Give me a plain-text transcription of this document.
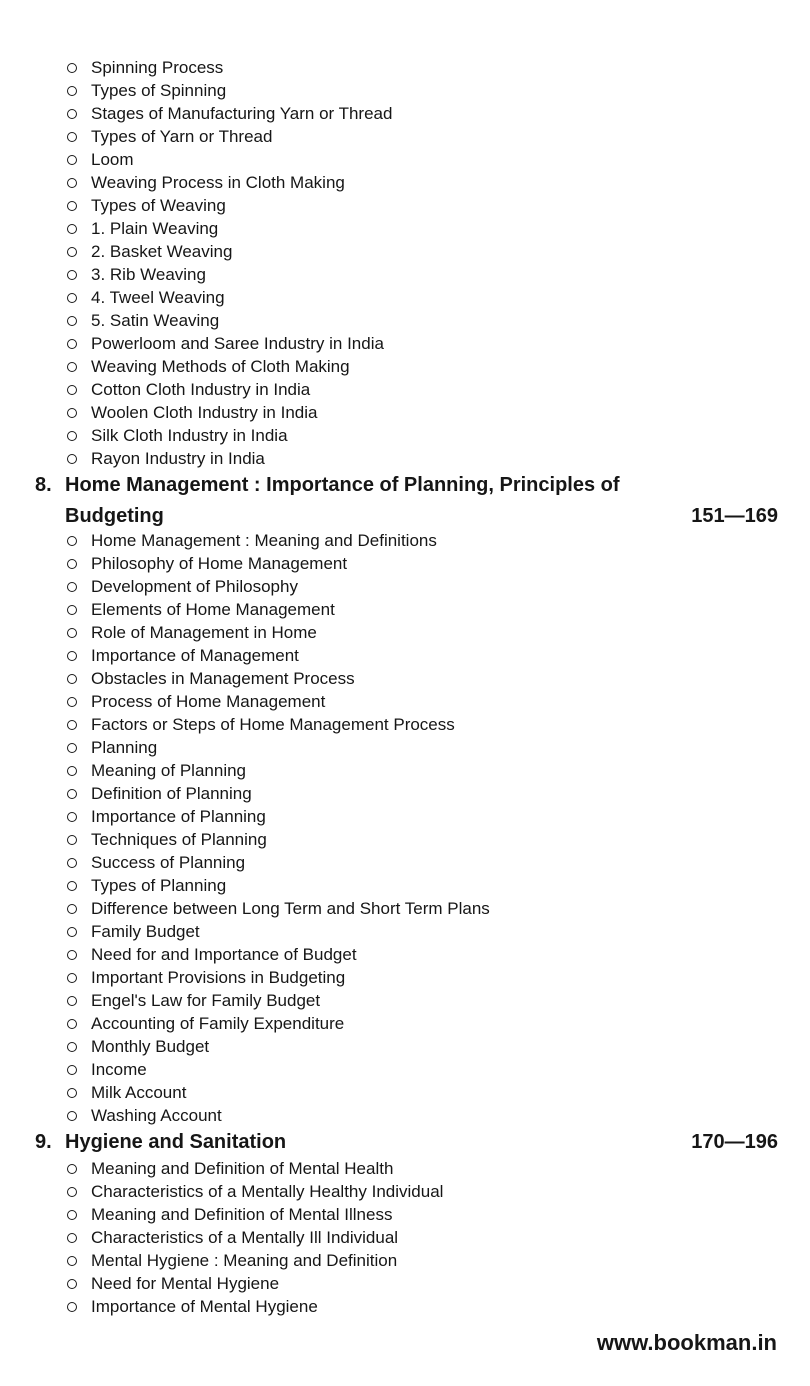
Spinning Process
Types of Spinning
Stages of Manufacturing Yarn or Thread
Types of Yarn or Thread
Loom
Weaving Process in Cloth Making
Types of Weaving
1. Plain Weaving
2. Basket Weaving
3. Rib Weaving
4. Tweel Weaving
5. Satin Weaving
Powerloom and Saree Industry in India
Weaving Methods of Cloth Making
Cotton Cloth Industry in India
Woolen Cloth Industry in India
Silk Cloth Industry in India
Rayon Industry in India
8. Home Management : Importance of Planning, Principles of
Budgeting	151—169
Home Management : Meaning and Definitions
Philosophy of Home Management
Development of Philosophy
Elements of Home Management
Role of Management in Home
Importance of Management
Obstacles in Management Process
Process of Home Management
Factors or Steps of Home Management Process
Planning
Meaning of Planning
Definition of Planning
Importance of Planning
Techniques of Planning
Success of Planning
Types of Planning
Difference between Long Term and Short Term Plans
Family Budget
Need for and Importance of Budget
Important Provisions in Budgeting
Engel's Law for Family Budget
Accounting of Family Expenditure
Monthly Budget
Income
Milk Account
Washing Account
9. Hygiene and Sanitation	170—196
Meaning and Definition of Mental Health
Characteristics of a Mentally Healthy Individual
Meaning and Definition of Mental Illness
Characteristics of a Mentally Ill Individual
Mental Hygiene : Meaning and Definition
Need for Mental Hygiene
Importance of Mental Hygiene
www.bookman.in
